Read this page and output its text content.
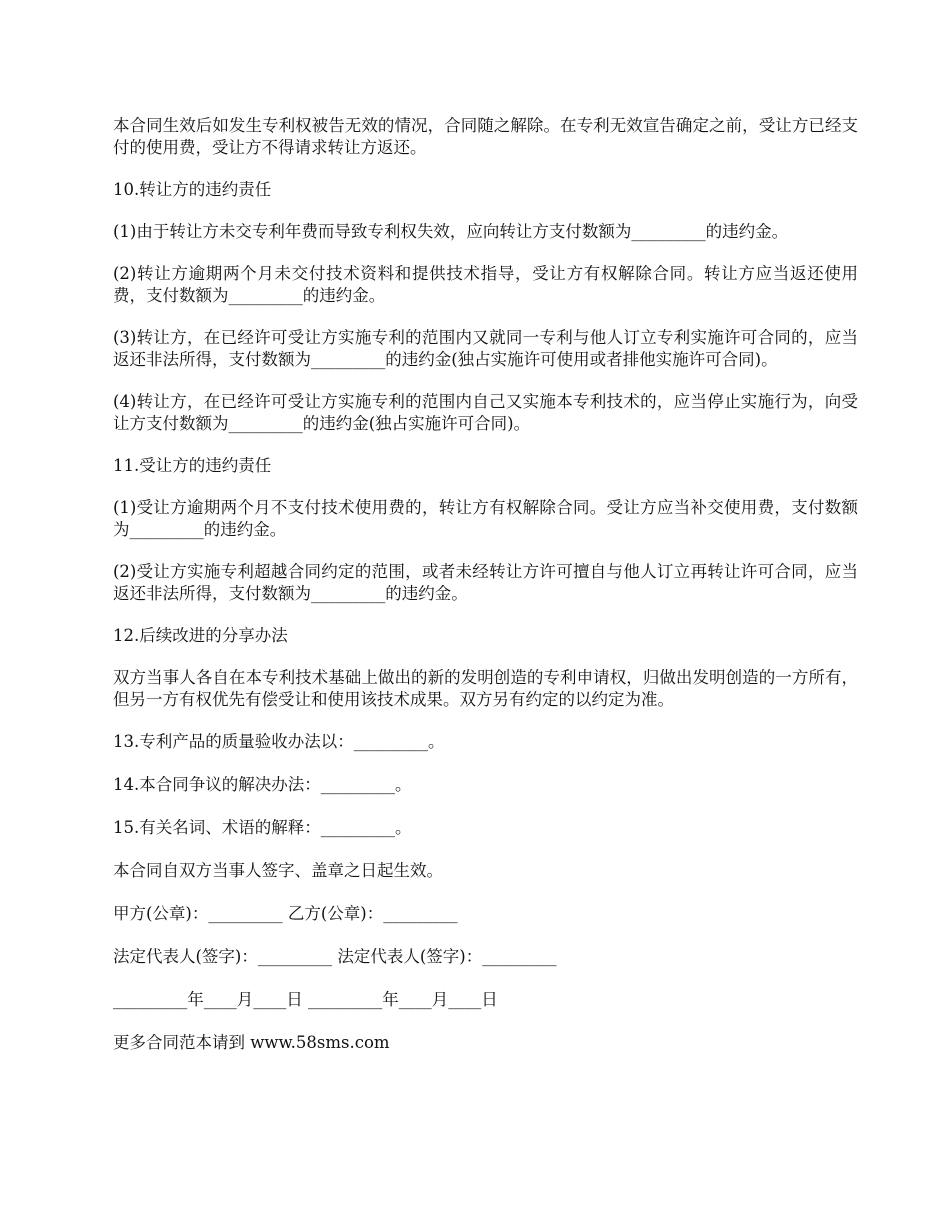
本合同生效后如发生专利权被告无效的情况，合同随之解除。在专利无效宣告确定之前，受让方已经支付的使用费，受让方不得请求转让方返还。

10.转让方的违约责任

(1)由于转让方未交专利年费而导致专利权失效，应向转让方支付数额为_________的违约金。

(2)转让方逾期两个月未交付技术资料和提供技术指导，受让方有权解除合同。转让方应当返还使用费，支付数额为_________的违约金。

(3)转让方，在已经许可受让方实施专利的范围内又就同一专利与他人订立专利实施许可合同的，应当返还非法所得，支付数额为_________的违约金(独占实施许可使用或者排他实施许可合同)。

(4)转让方，在已经许可受让方实施专利的范围内自己又实施本专利技术的，应当停止实施行为，向受让方支付数额为_________的违约金(独占实施许可合同)。

11.受让方的违约责任

(1)受让方逾期两个月不支付技术使用费的，转让方有权解除合同。受让方应当补交使用费，支付数额为_________的违约金。

(2)受让方实施专利超越合同约定的范围，或者未经转让方许可擅自与他人订立再转让许可合同，应当返还非法所得，支付数额为_________的违约金。

12.后续改进的分享办法

双方当事人各自在本专利技术基础上做出的新的发明创造的专利申请权，归做出发明创造的一方所有，但另一方有权优先有偿受让和使用该技术成果。双方另有约定的以约定为准。

13.专利产品的质量验收办法以：_________。

14.本合同争议的解决办法：_________。

15.有关名词、术语的解释：_________。

本合同自双方当事人签字、盖章之日起生效。

甲方(公章)：_________ 乙方(公章)：_________

法定代表人(签字)：_________ 法定代表人(签字)：_________

_________年____月____日 _________年____月____日

更多合同范本请到 www.58sms.com
